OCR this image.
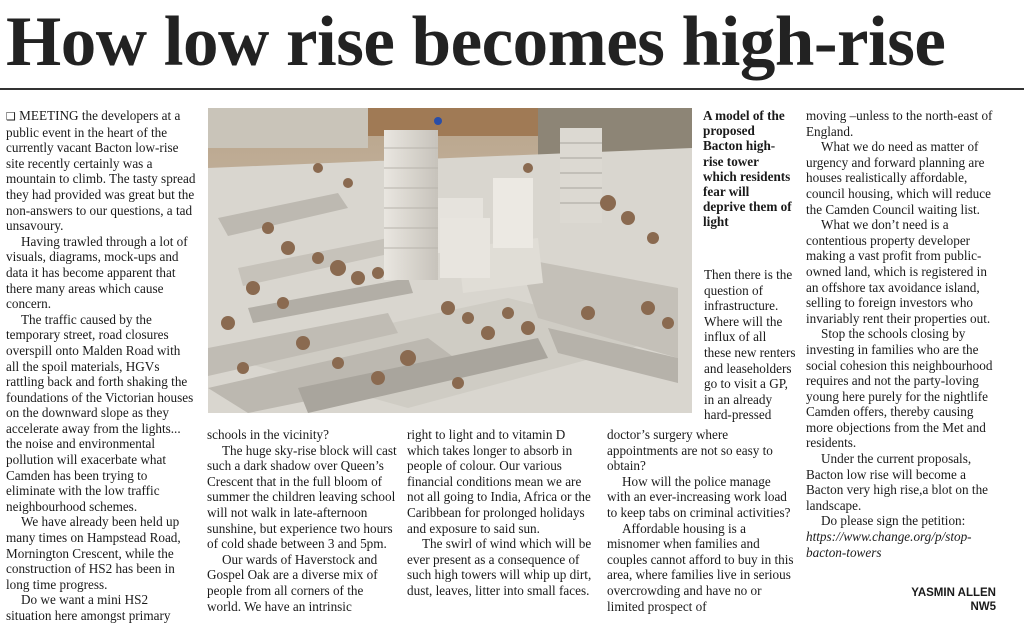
How low rise becomes high-rise

❑ MEETING the developers at a public event in the heart of the currently vacant Bacton low-rise site recently certainly was a mountain to climb. The tasty spread they had provided was great but the non-answers to our questions, a tad unsavoury.

Having trawled through a lot of visuals, diagrams, mock-ups and data it has become apparent that there many areas which cause concern.

The traffic caused by the temporary street, road closures overspill onto Malden Road with all the spoil materials, HGVs rattling back and forth shaking the foundations of the Victorian houses on the downward slope as they accelerate away from the lights... the noise and environmental pollution will exacerbate what Camden has been trying to eliminate with the low traffic neighbourhood schemes.

We have already been held up many times on Hampstead Road, Mornington Crescent, while the construction of HS2 has been in long time progress.

Do we want a mini HS2 situation here amongst primary

A model of the proposed Bacton high-rise tower which residents fear will deprive them of light

schools in the vicinity?

The huge sky-rise block will cast such a dark shadow over Queen’s Crescent that in the full bloom of summer the children leaving school will not walk in late-afternoon sunshine, but experience two hours of cold shade between 3 and 5pm.

Our wards of Haverstock and Gospel Oak are a diverse mix of people from all corners of the world. We have an intrinsic

right to light and to vitamin D which takes longer to absorb in people of colour. Our various financial conditions mean we are not all going to India, Africa or the Caribbean for prolonged holidays and exposure to said sun.

The swirl of wind which will be ever present as a consequence of such high towers will whip up dirt, dust, leaves, litter into small faces.

Then there is the question of infrastructure. Where will the influx of all these new renters and leaseholders go to visit a GP, in an already hard-pressed

doctor’s surgery where appointments are not so easy to obtain?

How will the police manage with an ever-increasing work load to keep tabs on criminal activities?

Affordable housing is a misnomer when families and couples cannot afford to buy in this area, where families live in serious overcrowding and have no or limited prospect of

moving –unless to the north-east of England.

What we do need as matter of urgency and forward planning are houses realistically affordable, council housing, which will reduce the Camden Council waiting list.

What we don’t need is a contentious property developer making a vast profit from public-owned land, which is registered in an offshore tax avoidance island, selling to foreign investors who invariably rent their properties out.

Stop the schools closing by investing in families who are the social cohesion this neighbourhood requires and not the party-loving young here purely for the nightlife Camden offers, thereby causing more objections from the Met and residents.

Under the current proposals, Bacton low rise will become a Bacton very high rise,a blot on the landscape.

Do please sign the petition:

https://www.change.org/p/stop-bacton-towers

YASMIN ALLEN
NW5
